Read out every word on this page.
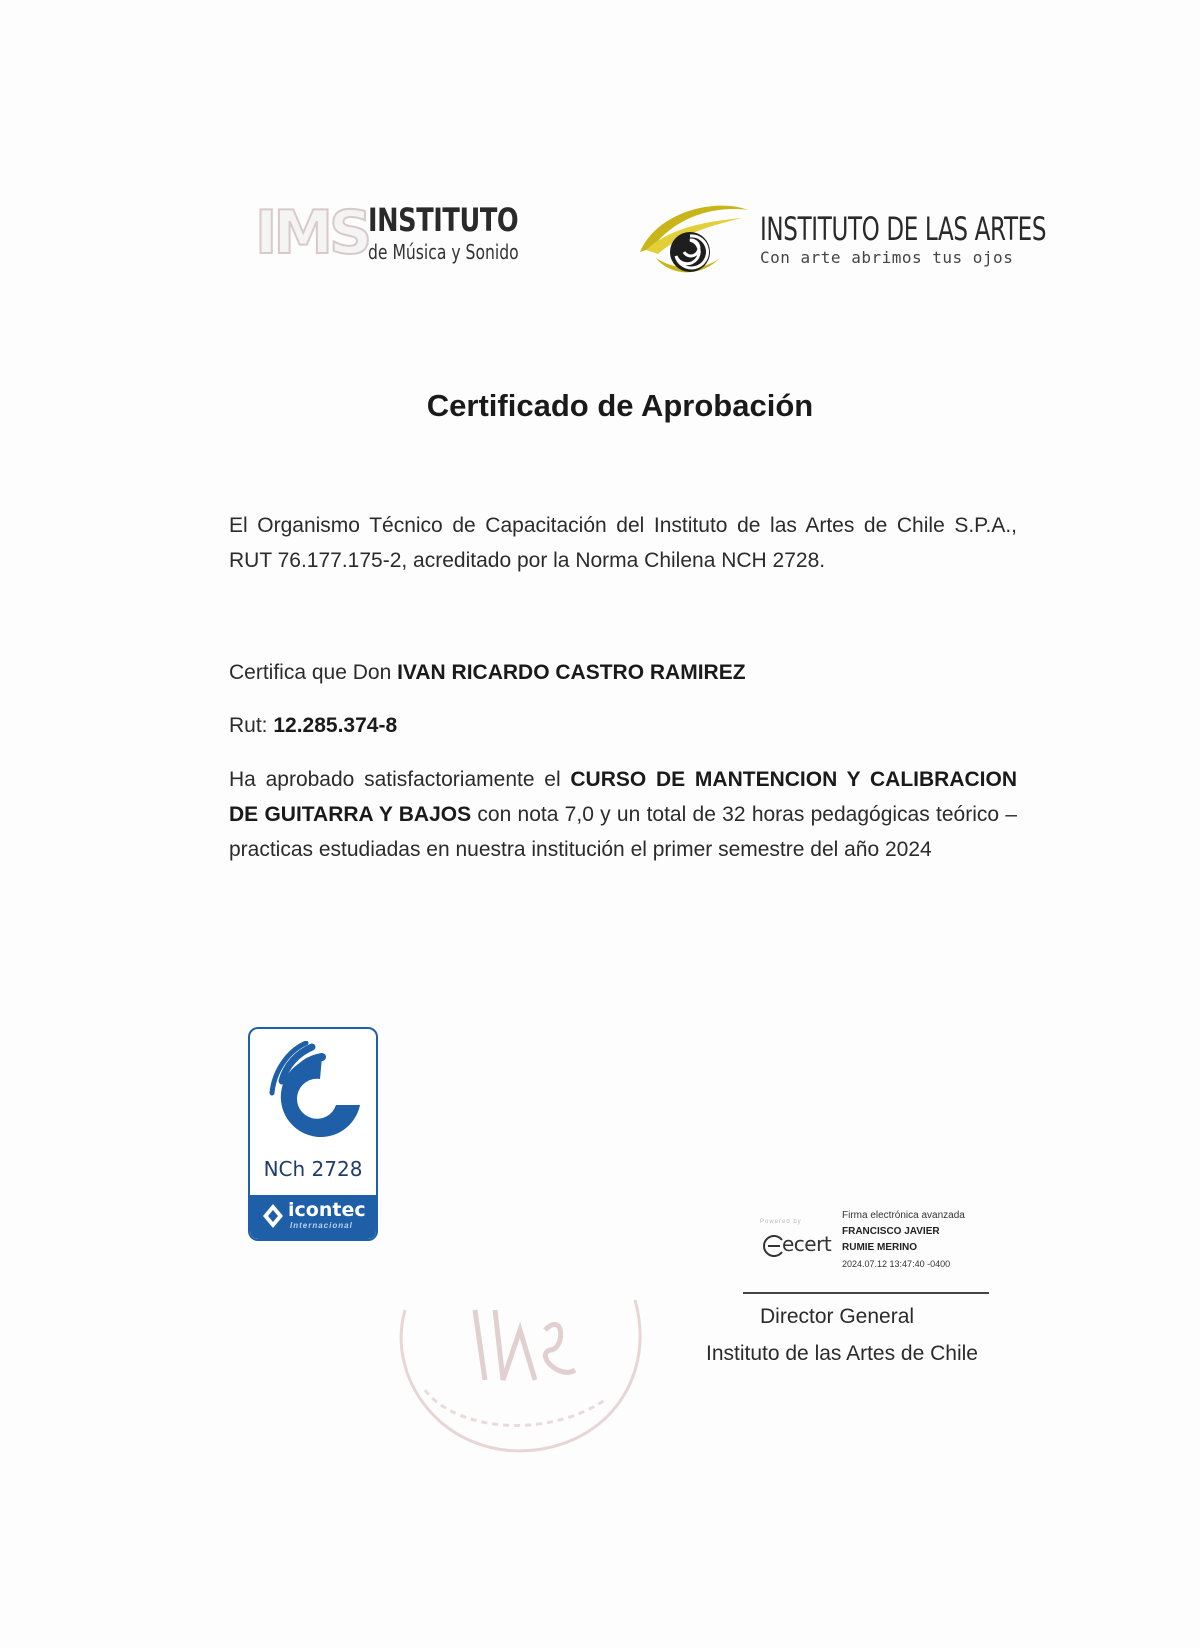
IMS INSTITUTO
de Música y Sonido
INSTITUTO DE LAS ARTES
Con arte abrimos tus ojos
Certificado de Aprobación
El Organismo Técnico de Capacitación del Instituto de las Artes de Chile S.P.A., RUT 76.177.175-2, acreditado por la Norma Chilena NCH 2728.
Certifica que Don IVAN RICARDO CASTRO RAMIREZ
Rut: 12.285.374-8
Ha aprobado satisfactoriamente el CURSO DE MANTENCION Y CALIBRACION DE GUITARRA Y BAJOS con nota 7,0 y un total de 32 horas pedagógicas teórico – practicas estudiadas en nuestra institución el primer semestre del año 2024
NCh 2728
icontec
Internacional	Powered by
ecert
Firma electrónica avanzada
FRANCISCO JAVIER
RUMIE MERINO
2024.07.12 13:47:40 -0400
Director General
Instituto de las Artes de Chile
